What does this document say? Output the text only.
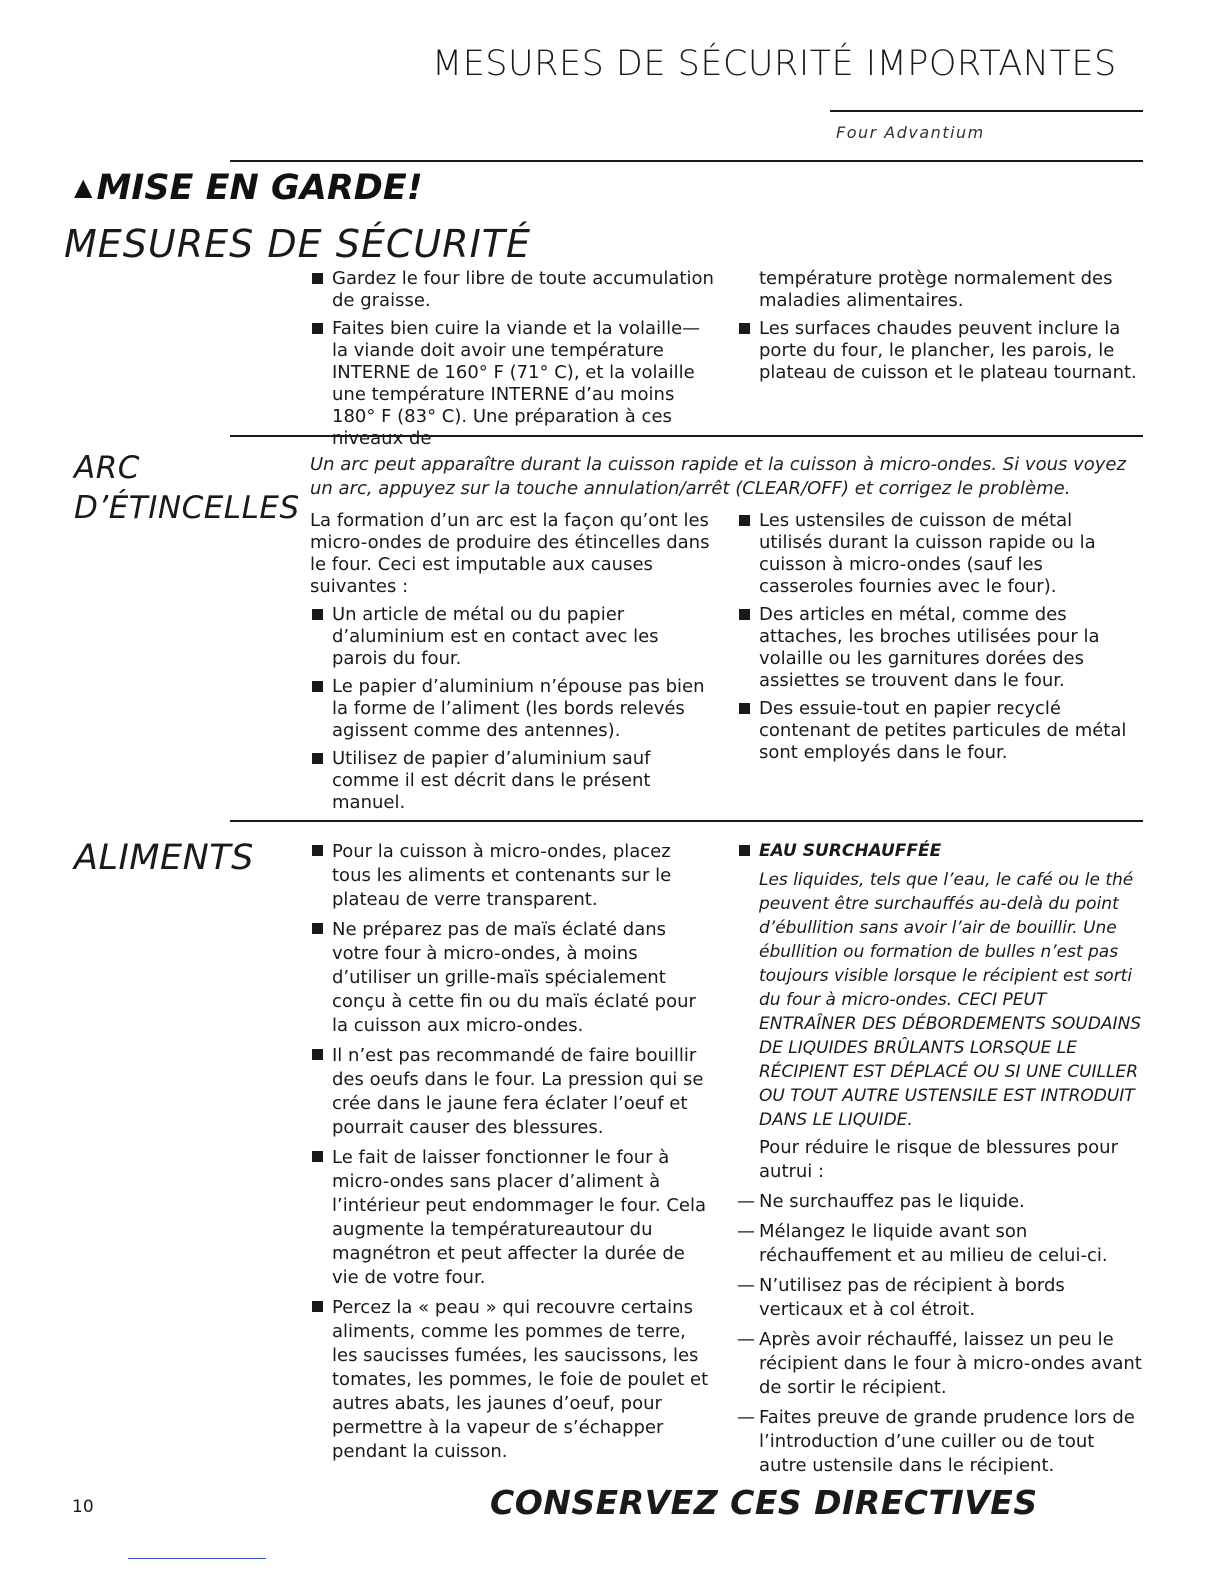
MESURES DE SÉCURITÉ IMPORTANTES
Four Advantium
▲ MISE EN GARDE!
MESURES DE SÉCURITÉ
Gardez le four libre de toute accumulation de graisse.
Faites bien cuire la viande et la volaille—la viande doit avoir une température INTERNE de 160° F (71° C), et la volaille une température INTERNE d’au moins 180° F (83° C). Une préparation à ces niveaux de

température protège normalement des maladies alimentaires.

Les surfaces chaudes peuvent inclure la porte du four, le plancher, les parois, le plateau de cuisson et le plateau tournant.
ARC
D’ÉTINCELLES
Un arc peut apparaître durant la cuisson rapide et la cuisson à micro-ondes. Si vous voyez un arc, appuyez sur la touche annulation/arrêt (CLEAR/OFF) et corrigez le problème.

La formation d’un arc est la façon qu’ont les micro-ondes de produire des étincelles dans le four. Ceci est imputable aux causes suivantes :

Un article de métal ou du papier d’aluminium est en contact avec les parois du four.
Le papier d’aluminium n’épouse pas bien la forme de l’aliment (les bords relevés agissent comme des antennes).
Utilisez de papier d’aluminium sauf comme il est décrit dans le présent manuel.
Les ustensiles de cuisson de métal utilisés durant la cuisson rapide ou la cuisson à micro-ondes (sauf les casseroles fournies avec le four).
Des articles en métal, comme des attaches, les broches utilisées pour la volaille ou les garnitures dorées des assiettes se trouvent dans le four.
Des essuie-tout en papier recyclé contenant de petites particules de métal sont employés dans le four.
ALIMENTS	Pour la cuisson à micro-ondes, placez tous les aliments et contenants sur le plateau de verre transparent.
Ne préparez pas de maïs éclaté dans votre four à micro-ondes, à moins d’utiliser un grille-maïs spécialement conçu à cette fin ou du maïs éclaté pour la cuisson aux micro-ondes.
Il n’est pas recommandé de faire bouillir des oeufs dans le four. La pression qui se crée dans le jaune fera éclater l’oeuf et pourrait causer des blessures.
Le fait de laisser fonctionner le four à micro-ondes sans placer d’aliment à l’intérieur peut endommager le four. Cela augmente la températureautour du magnétron et peut affecter la durée de vie de votre four.
Percez la « peau » qui recouvre certains aliments, comme les pommes de terre, les saucisses fumées, les saucissons, les tomates, les pommes, le foie de poulet et autres abats, les jaunes d’oeuf, pour permettre à la vapeur de s’échapper pendant la cuisson.
EAU SURCHAUFFÉE
Les liquides, tels que l’eau, le café ou le thé peuvent être surchauffés au-delà du point d’ébullition sans avoir l’air de bouillir. Une ébullition ou formation de bulles n’est pas toujours visible lorsque le récipient est sorti du four à micro-ondes. CECI PEUT ENTRAÎNER DES DÉBORDEMENTS SOUDAINS DE LIQUIDES BRÛLANTS LORSQUE LE RÉCIPIENT EST DÉPLACÉ OU SI UNE CUILLER OU TOUT AUTRE USTENSILE EST INTRODUIT DANS LE LIQUIDE.

Pour réduire le risque de blessures pour autrui :

— Ne surchauffez pas le liquide.
— Mélangez le liquide avant son réchauffement et au milieu de celui-ci.
— N’utilisez pas de récipient à bords verticaux et à col étroit.
— Après avoir réchauffé, laissez un peu le récipient dans le four à micro-ondes avant de sortir le récipient.
— Faites preuve de grande prudence lors de l’introduction d’une cuiller ou de tout autre ustensile dans le récipient.
10	CONSERVEZ CES DIRECTIVES
